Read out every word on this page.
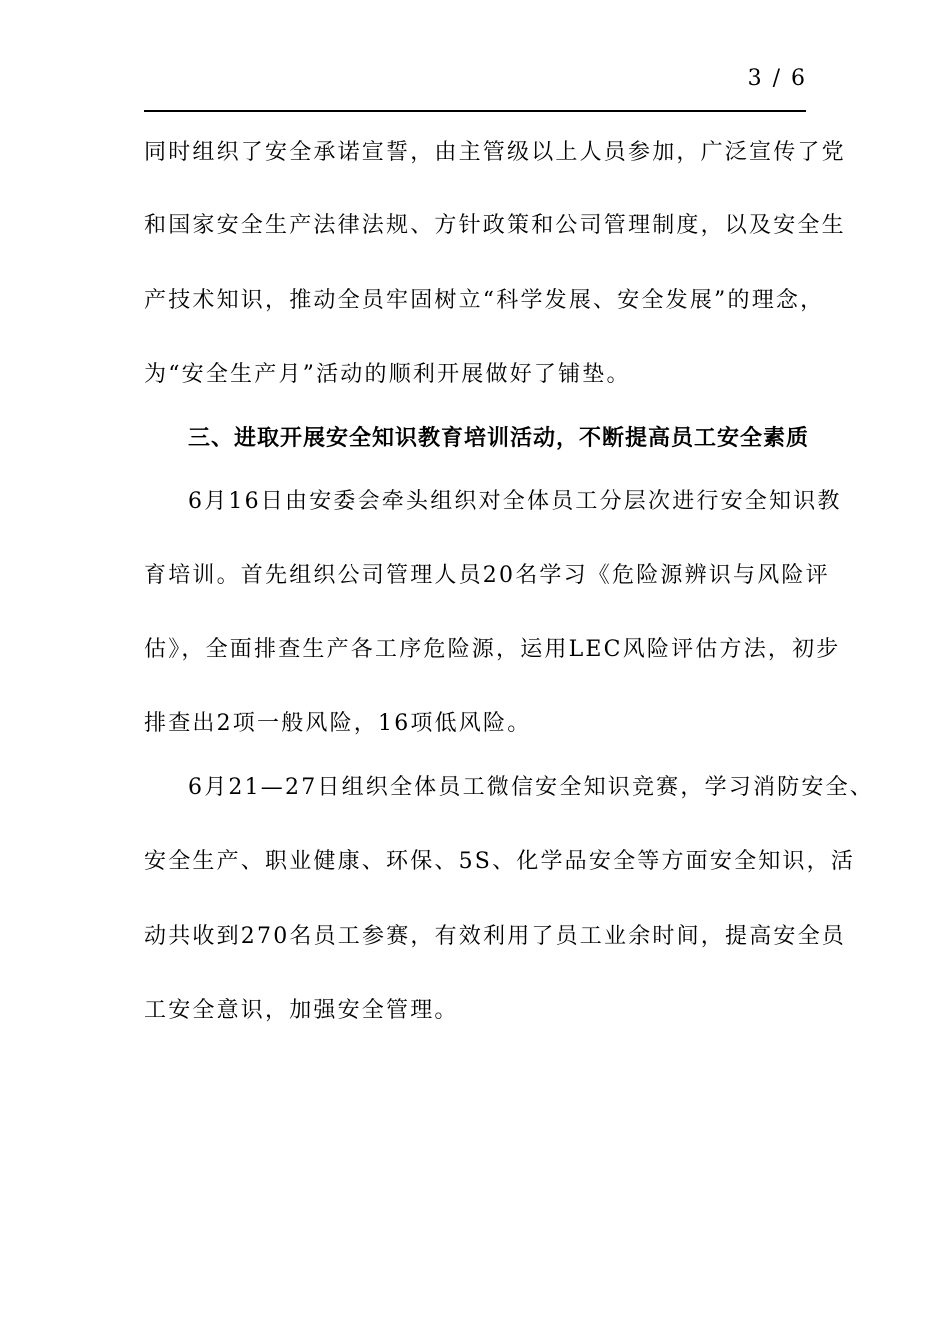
3 / 6
同时组织了安全承诺宣誓，由主管级以上人员参加，广泛宣传了党
和国家安全生产法律法规、方针政策和公司管理制度，以及安全生
产技术知识，推动全员牢固树立“科学发展、安全发展”的理念，
为“安全生产月”活动的顺利开展做好了铺垫。
三、进取开展安全知识教育培训活动，不断提高员工安全素质
6月16日由安委会牵头组织对全体员工分层次进行安全知识教
育培训。首先组织公司管理人员20名学习《危险源辨识与风险评
估》，全面排查生产各工序危险源，运用LEC风险评估方法，初步
排查出2项一般风险，16项低风险。
6月21—27日组织全体员工微信安全知识竞赛，学习消防安全、
安全生产、职业健康、环保、5S、化学品安全等方面安全知识，活
动共收到270名员工参赛，有效利用了员工业余时间，提高安全员
工安全意识，加强安全管理。
